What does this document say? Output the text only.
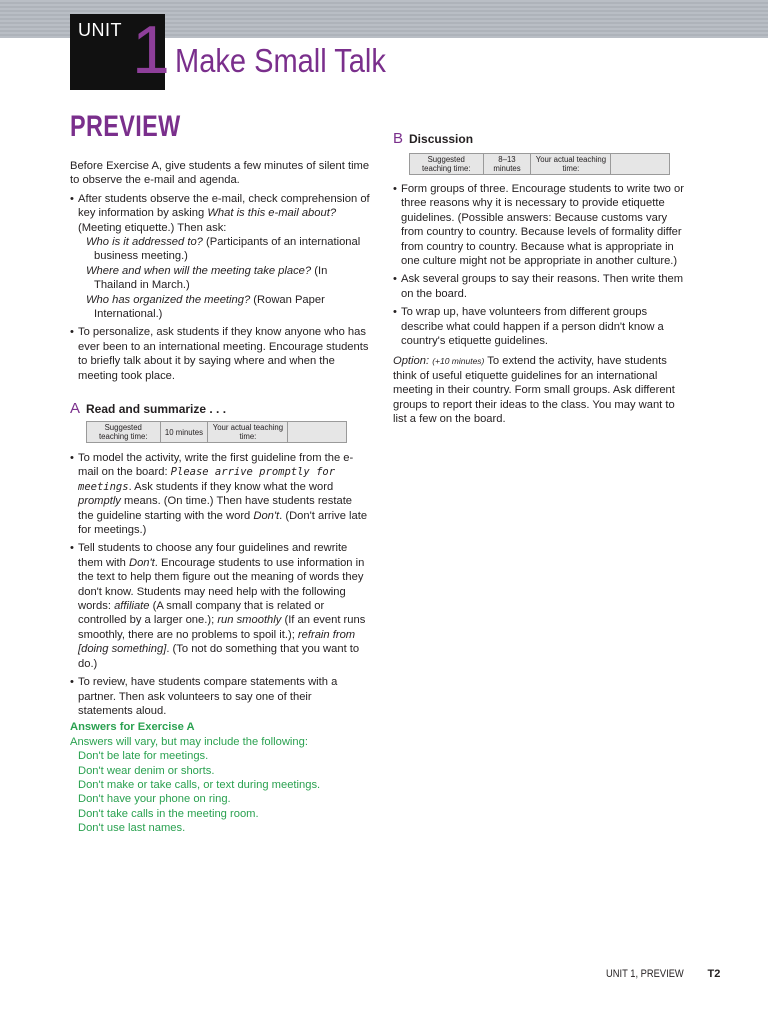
UNIT 1 Make Small Talk
PREVIEW

Before Exercise A, give students a few minutes of silent time to observe the e-mail and agenda.

• After students observe the e-mail, check comprehension of key information by asking What is this e-mail about? (Meeting etiquette.) Then ask:

Who is it addressed to? (Participants of an international business meeting.)

Where and when will the meeting take place? (In Thailand in March.)

Who has organized the meeting? (Rowan Paper International.)

• To personalize, ask students if they know anyone who has ever been to an international meeting. Encourage students to briefly talk about it by saying where and when the meeting took place.

A Read and summarize . . .
Suggested teaching time:	10 minutes	Your actual teaching time:	

• To model the activity, write the first guideline from the e-mail on the board: Please arrive promptly for meetings. Ask students if they know what the word promptly means. (On time.) Then have students restate the guideline starting with the word Don't. (Don't arrive late for meetings.)

• Tell students to choose any four guidelines and rewrite them with Don't. Encourage students to use information in the text to help them figure out the meaning of words they don't know. Students may need help with the following words: affiliate (A small company that is related or controlled by a larger one.); run smoothly (If an event runs smoothly, there are no problems to spoil it.); refrain from [doing something]. (To not do something that you want to do.)

• To review, have students compare statements with a partner. Then ask volunteers to say one of their statements aloud.

Answers for Exercise A

Answers will vary, but may include the following:

Don't be late for meetings.

Don't wear denim or shorts.

Don't make or take calls, or text during meetings.

Don't have your phone on ring.

Don't take calls in the meeting room.

Don't use last names.

B Discussion
Suggested teaching time:	8–13 minutes	Your actual teaching time:	

• Form groups of three. Encourage students to write two or three reasons why it is necessary to provide etiquette guidelines. (Possible answers: Because customs vary from country to country. Because levels of formality differ from country to country. Because what is appropriate in one culture might not be appropriate in another culture.)

• Ask several groups to say their reasons. Then write them on the board.

• To wrap up, have volunteers from different groups describe what could happen if a person didn't know a country's etiquette guidelines.

Option: (+10 minutes) To extend the activity, have students think of useful etiquette guidelines for an international meeting in their country. Form small groups. Ask different groups to report their ideas to the class. You may want to list a few on the board.

UNIT 1, PREVIEW T2
